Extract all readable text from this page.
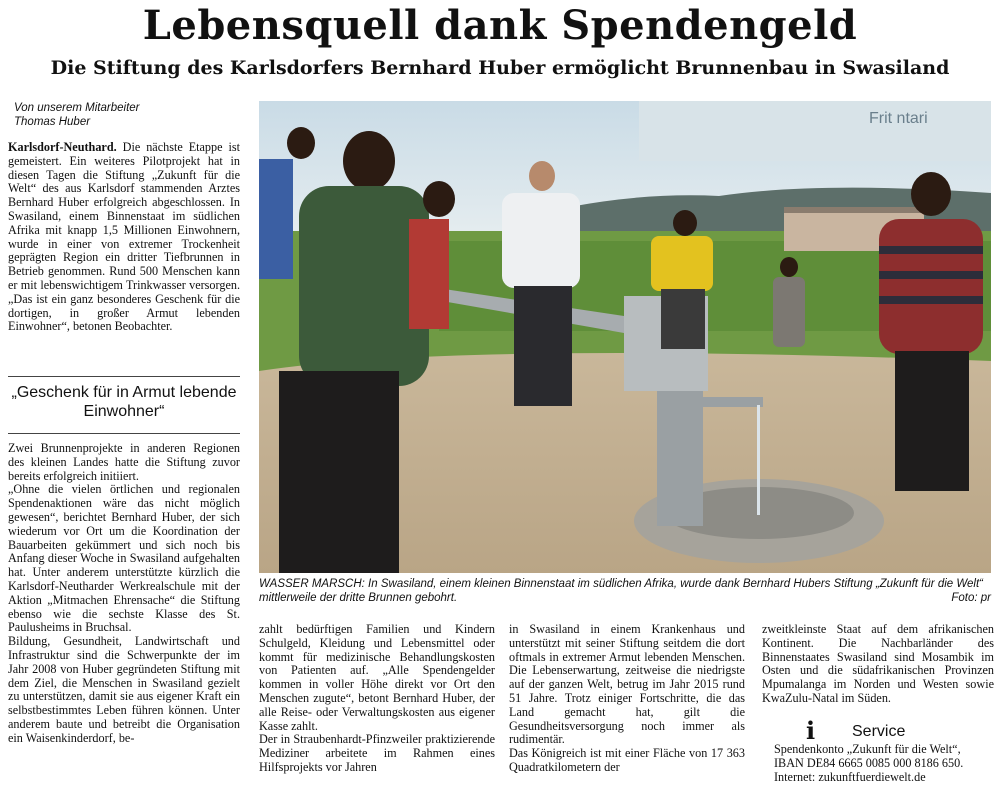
Lebensquell dank Spendengeld
Die Stiftung des Karlsdorfers Bernhard Huber ermöglicht Brunnenbau in Swasiland
Von unserem Mitarbeiter
Thomas Huber

Karlsdorf-Neuthard. Die nächste Etappe ist gemeistert. Ein weiteres Pilotprojekt hat in diesen Tagen die Stiftung „Zukunft für die Welt“ des aus Karlsdorf stammenden Arztes Bernhard Huber erfolgreich abgeschlossen. In Swasiland, einem Binnenstaat im südlichen Afrika mit knapp 1,5 Millionen Einwohnern, wurde in einer von extremer Trockenheit geprägten Region ein dritter Tiefbrunnen in Betrieb genommen. Rund 500 Menschen kann er mit lebenswichtigem Trinkwasser versorgen. „Das ist ein ganz besonderes Geschenk für die dortigen, in großer Armut lebenden Einwohner“, betonen Beobachter.

„Geschenk für in Armut lebende Einwohner“

Zwei Brunnenprojekte in anderen Regionen des kleinen Landes hatte die Stiftung zuvor bereits erfolgreich initiiert.

„Ohne die vielen örtlichen und regionalen Spendenaktionen wäre das nicht möglich gewesen“, berichtet Bernhard Huber, der sich wiederum vor Ort um die Koordination der Bauarbeiten gekümmert und sich noch bis Anfang dieser Woche in Swasiland aufgehalten hat. Unter anderem unterstützte kürzlich die Karlsdorf-Neutharder Werkrealschule mit der Aktion „Mitmachen Ehrensache“ die Stiftung ebenso wie die sechste Klasse des St. Paulusheims in Bruchsal.

Bildung, Gesundheit, Landwirtschaft und Infrastruktur sind die Schwerpunkte der im Jahr 2008 von Huber gegründeten Stiftung mit dem Ziel, die Menschen in Swasiland gezielt zu unterstützen, damit sie aus eigener Kraft ein selbstbestimmtes Leben führen können. Unter anderem baute und betreibt die Organisation ein Waisenkinderdorf, be-

Frit ntari
WASSER MARSCH: In Swasiland, einem kleinen Binnenstaat im südlichen Afrika, wurde dank Bernhard Hubers Stiftung „Zukunft für die Welt“ mittlerweile der dritte Brunnen gebohrt.	Foto: pr

zahlt bedürftigen Familien und Kindern Schulgeld, Kleidung und Lebensmittel oder kommt für medizinische Behandlungskosten von Patienten auf. „Alle Spendengelder kommen in voller Höhe direkt vor Ort den Menschen zugute“, betont Bernhard Huber, der alle Reise- oder Verwaltungskosten aus eigener Kasse zahlt.

Der in Straubenhardt-Pfinzweiler praktizierende Mediziner arbeitete im Rahmen eines Hilfsprojekts vor Jahren

in Swasiland in einem Krankenhaus und unterstützt mit seiner Stiftung seitdem die dort oftmals in extremer Armut lebenden Menschen. Die Lebenserwartung, zeitweise die niedrigste auf der ganzen Welt, betrug im Jahr 2015 rund 51 Jahre. Trotz einiger Fortschritte, die das Land gemacht hat, gilt die Gesundheitsversorgung noch immer als rudimentär.

Das Königreich ist mit einer Fläche von 17 363 Quadratkilometern der

zweitkleinste Staat auf dem afrikanischen Kontinent. Die Nachbarländer des Binnenstaates Swasiland sind Mosambik im Osten und die südafrikanischen Provinzen Mpumalanga im Norden und Westen sowie KwaZulu-Natal im Süden.

i Service

Spendenkonto „Zukunft für die Welt“,

IBAN DE84 6665 0085 000 8186 650.

Internet: zukunftfuerdiewelt.de
